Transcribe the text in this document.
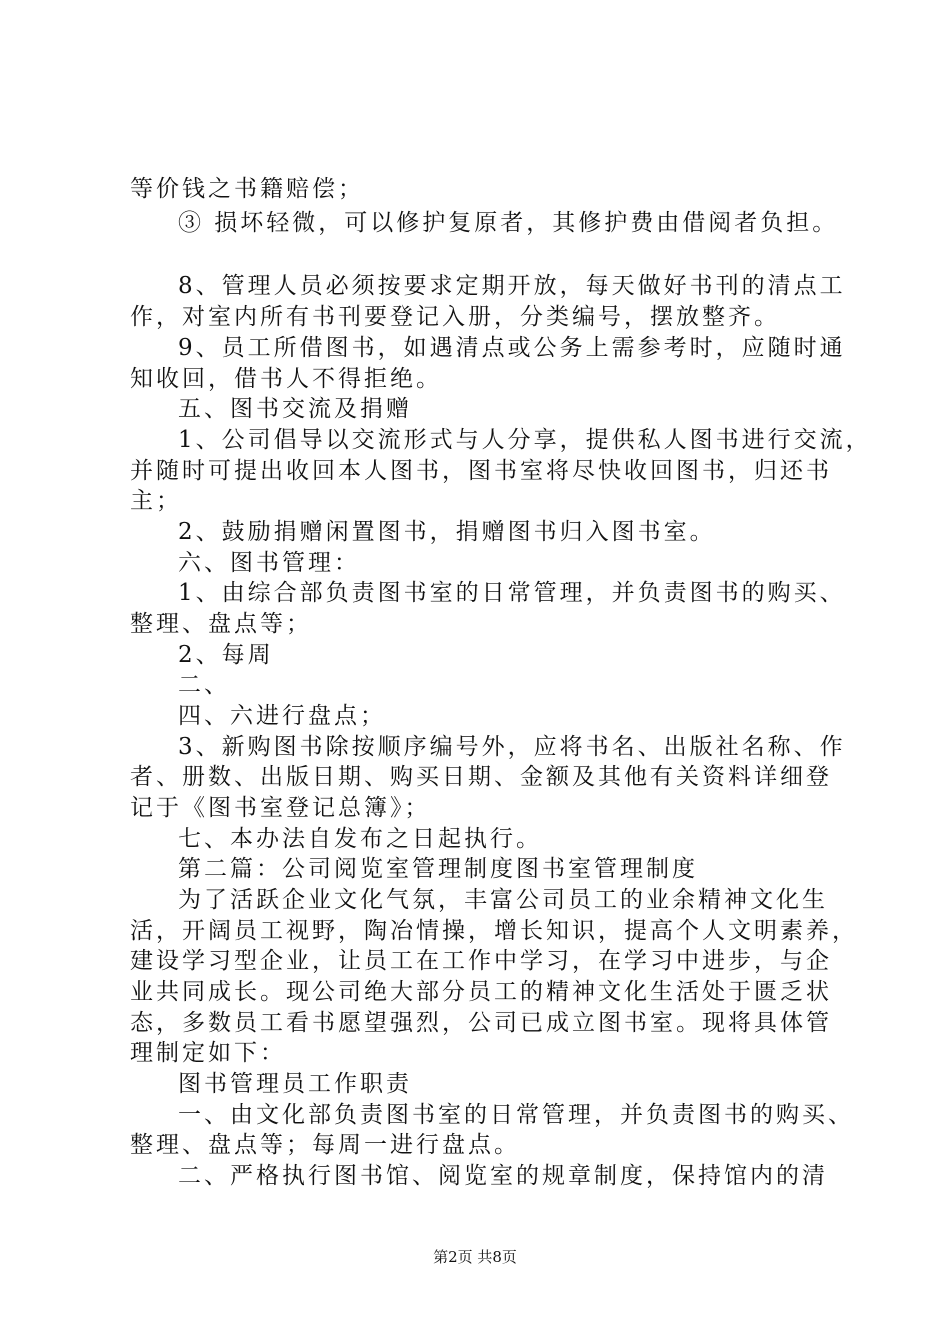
等价钱之书籍赔偿；

③ 损坏轻微，可以修护复原者，其修护费由借阅者负担。

8、管理人员必须按要求定期开放，每天做好书刊的清点工

作，对室内所有书刊要登记入册，分类编号，摆放整齐。

9、员工所借图书，如遇清点或公务上需参考时，应随时通

知收回，借书人不得拒绝。

五、图书交流及捐赠

1、公司倡导以交流形式与人分享，提供私人图书进行交流，

并随时可提出收回本人图书，图书室将尽快收回图书，归还书

主；

2、鼓励捐赠闲置图书，捐赠图书归入图书室。

六、图书管理：

1、由综合部负责图书室的日常管理，并负责图书的购买、

整理、盘点等；

2、每周

二、

四、六进行盘点；

3、新购图书除按顺序编号外，应将书名、出版社名称、作

者、册数、出版日期、购买日期、金额及其他有关资料详细登

记于《图书室登记总簿》；

七、本办法自发布之日起执行。

第二篇：公司阅览室管理制度图书室管理制度

为了活跃企业文化气氛，丰富公司员工的业余精神文化生

活，开阔员工视野，陶冶情操，增长知识，提高个人文明素养，

建设学习型企业，让员工在工作中学习，在学习中进步，与企

业共同成长。现公司绝大部分员工的精神文化生活处于匮乏状

态，多数员工看书愿望强烈，公司已成立图书室。现将具体管

理制定如下：

图书管理员工作职责

一、由文化部负责图书室的日常管理，并负责图书的购买、

整理、盘点等；每周一进行盘点。

二、严格执行图书馆、阅览室的规章制度，保持馆内的清

第2页 共8页
